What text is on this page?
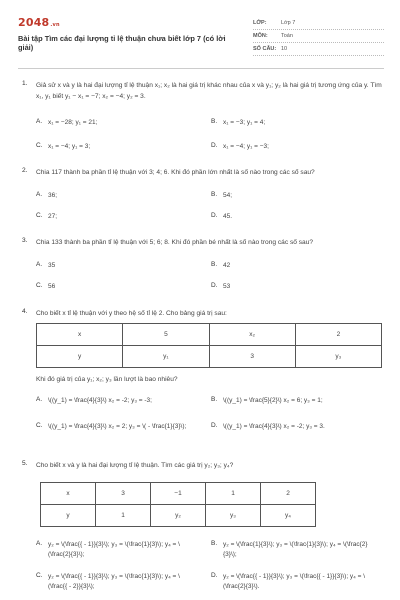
2048.vn
Bài tập Tìm các đại lượng tỉ lệ thuận chưa biết lớp 7 (có lời giải)
LỚP:	Lớp 7
MÔN:	Toán
SỐ CÂU: 10
1. Giả sử x và y là hai đại lượng tỉ lệ thuận x₁; x₂ là hai giá trị khác nhau của x và y₁; y₂ là hai giá trị tương ứng của y. Tìm x₁, y₁ biết y₁ − x₁ = −7; x₂ = −4; y₂ = 3.
A. x₁ = −28; y₁ = 21;	B. x₁ = −3; y₁ = 4;
C. x₁ = −4; y₁ = 3;	D. x₁ = −4; y₁ = −3;
2. Chia 117 thành ba phần tỉ lệ thuận với 3; 4; 6. Khi đó phần lớn nhất là số nào trong các số sau?
A. 36;	B. 54;
C. 27;	D. 45.
3. Chia 133 thành ba phần tỉ lệ thuận với 5; 6; 8. Khi đó phần bé nhất là số nào trong các số sau?
A. 35	B. 42
C. 56	D. 53
4. Cho biết x tỉ lệ thuận với y theo hệ số tỉ lệ 2. Cho bảng giá trị sau:
x	5	x₂	2
y	y₁	3	y₃
Khi đó giá trị của y₁; x₂; y₃ lần lượt là bao nhiêu?
A. \((y_1) = \frac{4}{3}\) x₂ = -2; y₃ = -3;	B. \((y_1) = \frac{5}{2}\) x₂ = 6; y₃ = 1;
C. \((y_1) = \frac{4}{3}\) x₂ = 2; y₃ = \( - \frac{1}{3}\);	D. \((y_1) = \frac{4}{3}\) x₂ = -2; y₃ = 3.
5. Cho biết x và y là hai đại lượng tỉ lệ thuận. Tìm các giá trị y₂; y₃; y₄?
x	3	−1	1	2
y	1	y₂	y₃	y₄
A. y₂ = \(\frac{{ - 1}}{3}\); y₃ = \(\frac{1}{3}\); y₄ = \(\frac{2}{3}\);
B. y₂ = \(\frac{1}{3}\); y₃ = \(\frac{1}{3}\); y₄ = \(\frac{2}{3}\);
C. y₂ = \(\frac{{ - 1}}{3}\); y₃ = \(\frac{1}{3}\); y₄ = \(\frac{{ - 2}}{3}\);
D. y₂ = \(\frac{{ - 1}}{3}\); y₃ = \(\frac{{ - 1}}{3}\); y₄ = \(\frac{2}{3}\).
